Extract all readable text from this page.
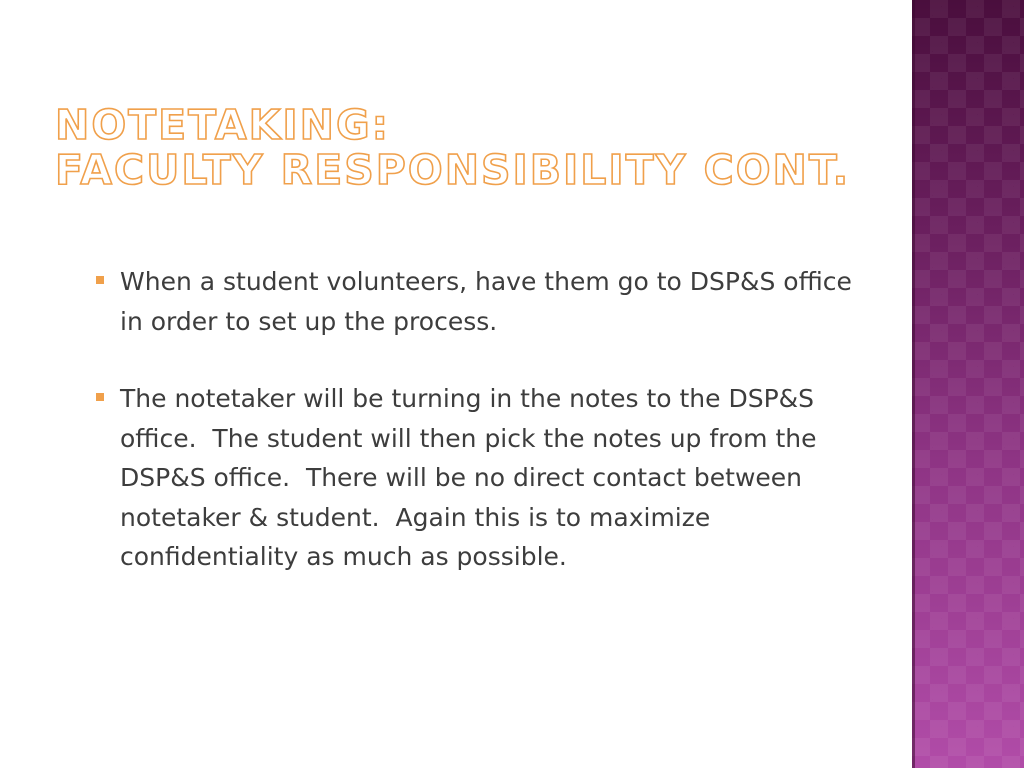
NOTETAKING:
FACULTY RESPONSIBILITY CONT.
When a student volunteers, have them go to DSP&S office in order to set up the process.
The notetaker will be turning in the notes to the DSP&S office.  The student will then pick the notes up from the DSP&S office.  There will be no direct contact between notetaker & student.  Again this is to maximize confidentiality as much as possible.
